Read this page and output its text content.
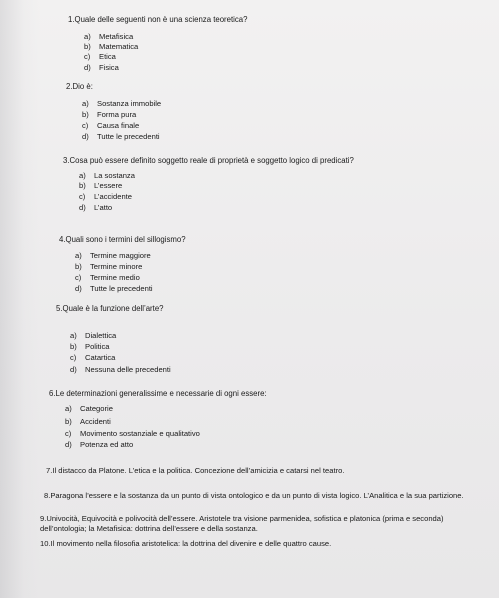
1.Quale delle seguenti non è una scienza teoretica?
a) Metafisica
b) Matematica
c) Etica
d) Fisica
2.Dio è:
a) Sostanza immobile
b) Forma pura
c) Causa finale
d) Tutte le precedenti
3.Cosa può essere definito soggetto reale di proprietà e soggetto logico di predicati?
a) La sostanza
b) L’essere
c) L’accidente
d) L’atto
4.Quali sono i termini del sillogismo?
a) Termine maggiore
b) Termine minore
c) Termine medio
d) Tutte le precedenti
5.Quale è la funzione dell’arte?
a) Dialettica
b) Politica
c) Catartica
d) Nessuna delle precedenti
6.Le determinazioni generalissime e necessarie di ogni essere:
a) Categorie
b) Accidenti
c) Movimento sostanziale e qualitativo
d) Potenza ed atto
7.Il distacco da Platone. L’etica e la politica. Concezione dell’amicizia e catarsi nel teatro.
8.Paragona l’essere e la sostanza da un punto di vista ontologico e da un punto di vista logico. L’Analitica e la sua partizione.
9.Univocità, Equivocità e polivocità dell’essere. Aristotele tra visione parmenidea, sofistica e platonica (prima e seconda) dell’ontologia; la Metafisica: dottrina dell’essere e della sostanza.
10.Il movimento nella filosofia aristotelica: la dottrina del divenire e delle quattro cause.
